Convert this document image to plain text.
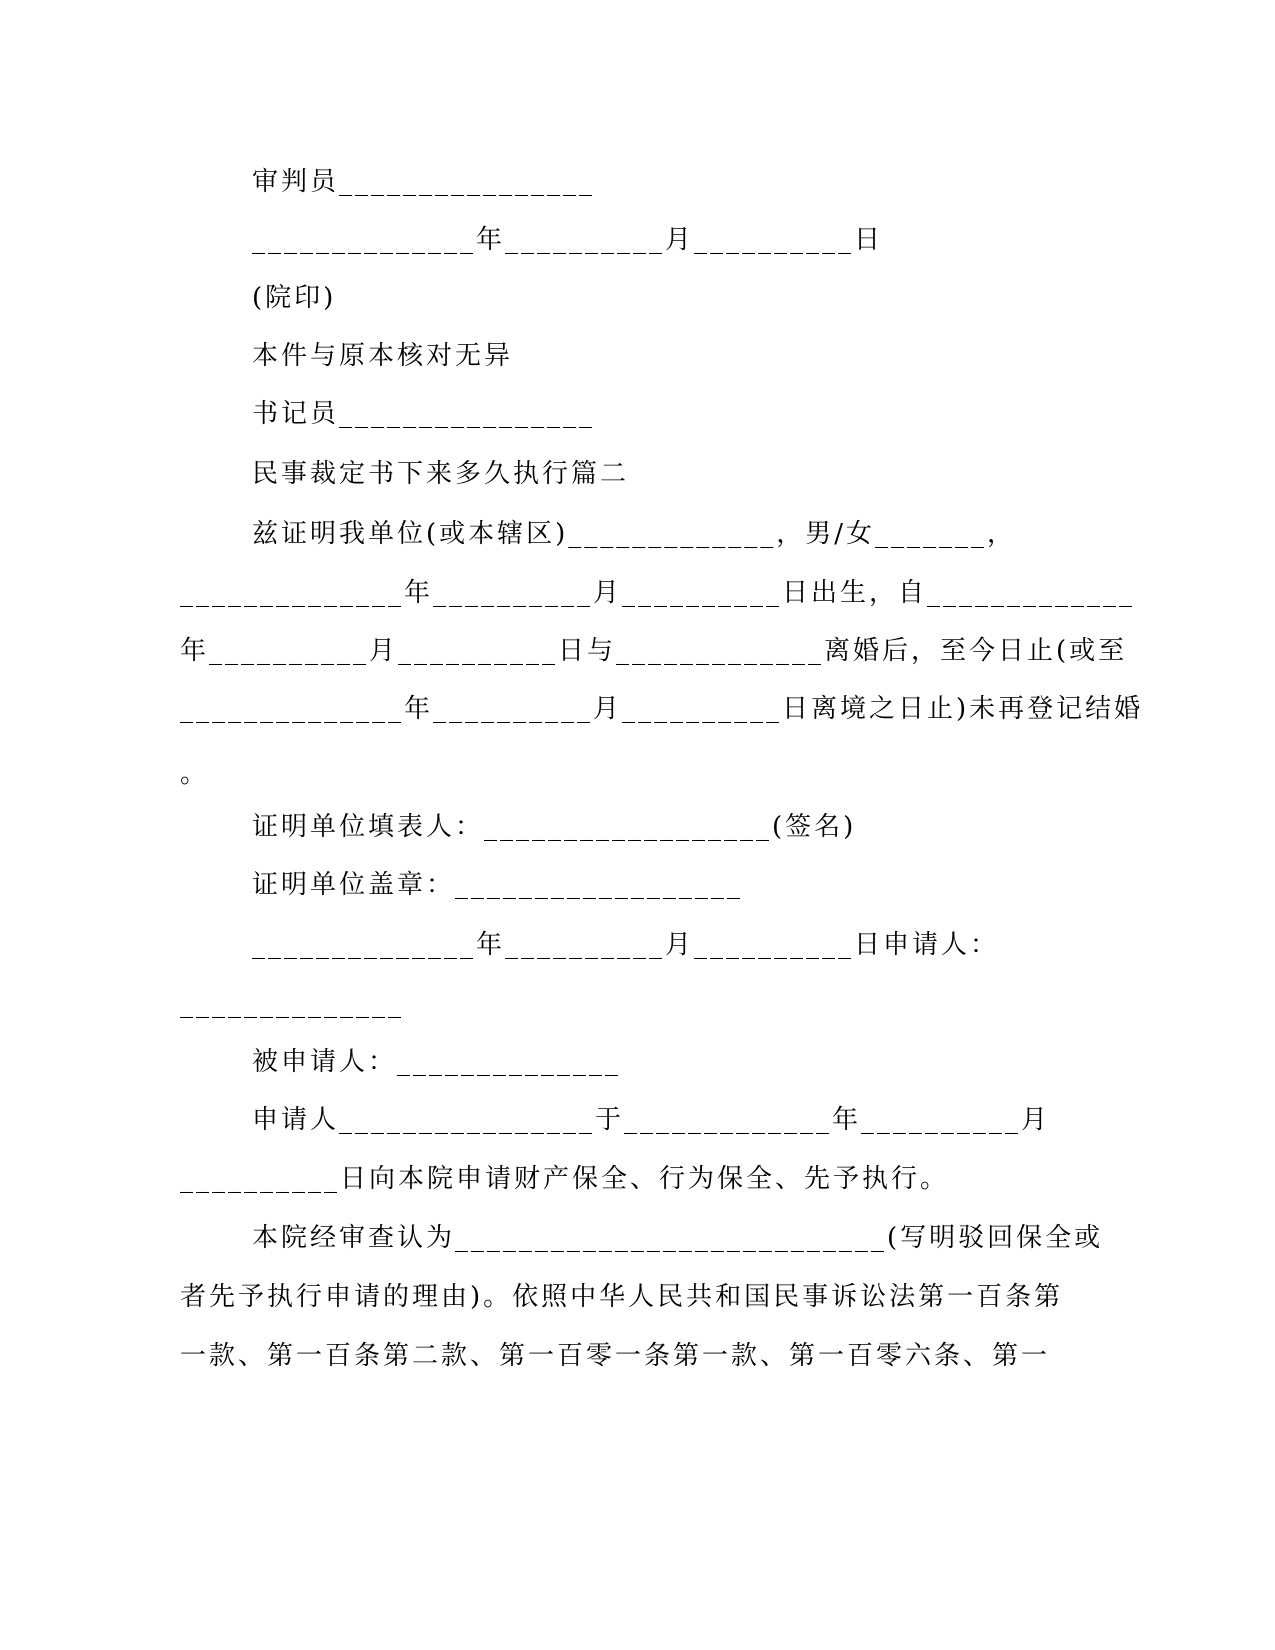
审判员________________
______________年__________月__________日
(院印)
本件与原本核对无异
书记员________________
民事裁定书下来多久执行篇二
兹证明我单位(或本辖区)_____________，男/女_______，
______________年__________月__________日出生，自_____________
年__________月__________日与_____________离婚后，至今日止(或至
______________年__________月__________日离境之日止)未再登记结婚
。
证明单位填表人：__________________(签名)
证明单位盖章：__________________
______________年__________月__________日申请人：
______________
被申请人：______________
申请人________________于_____________年__________月
__________日向本院申请财产保全、行为保全、先予执行。
本院经审查认为___________________________(写明驳回保全或
者先予执行申请的理由)。依照中华人民共和国民事诉讼法第一百条第
一款、第一百条第二款、第一百零一条第一款、第一百零六条、第一
